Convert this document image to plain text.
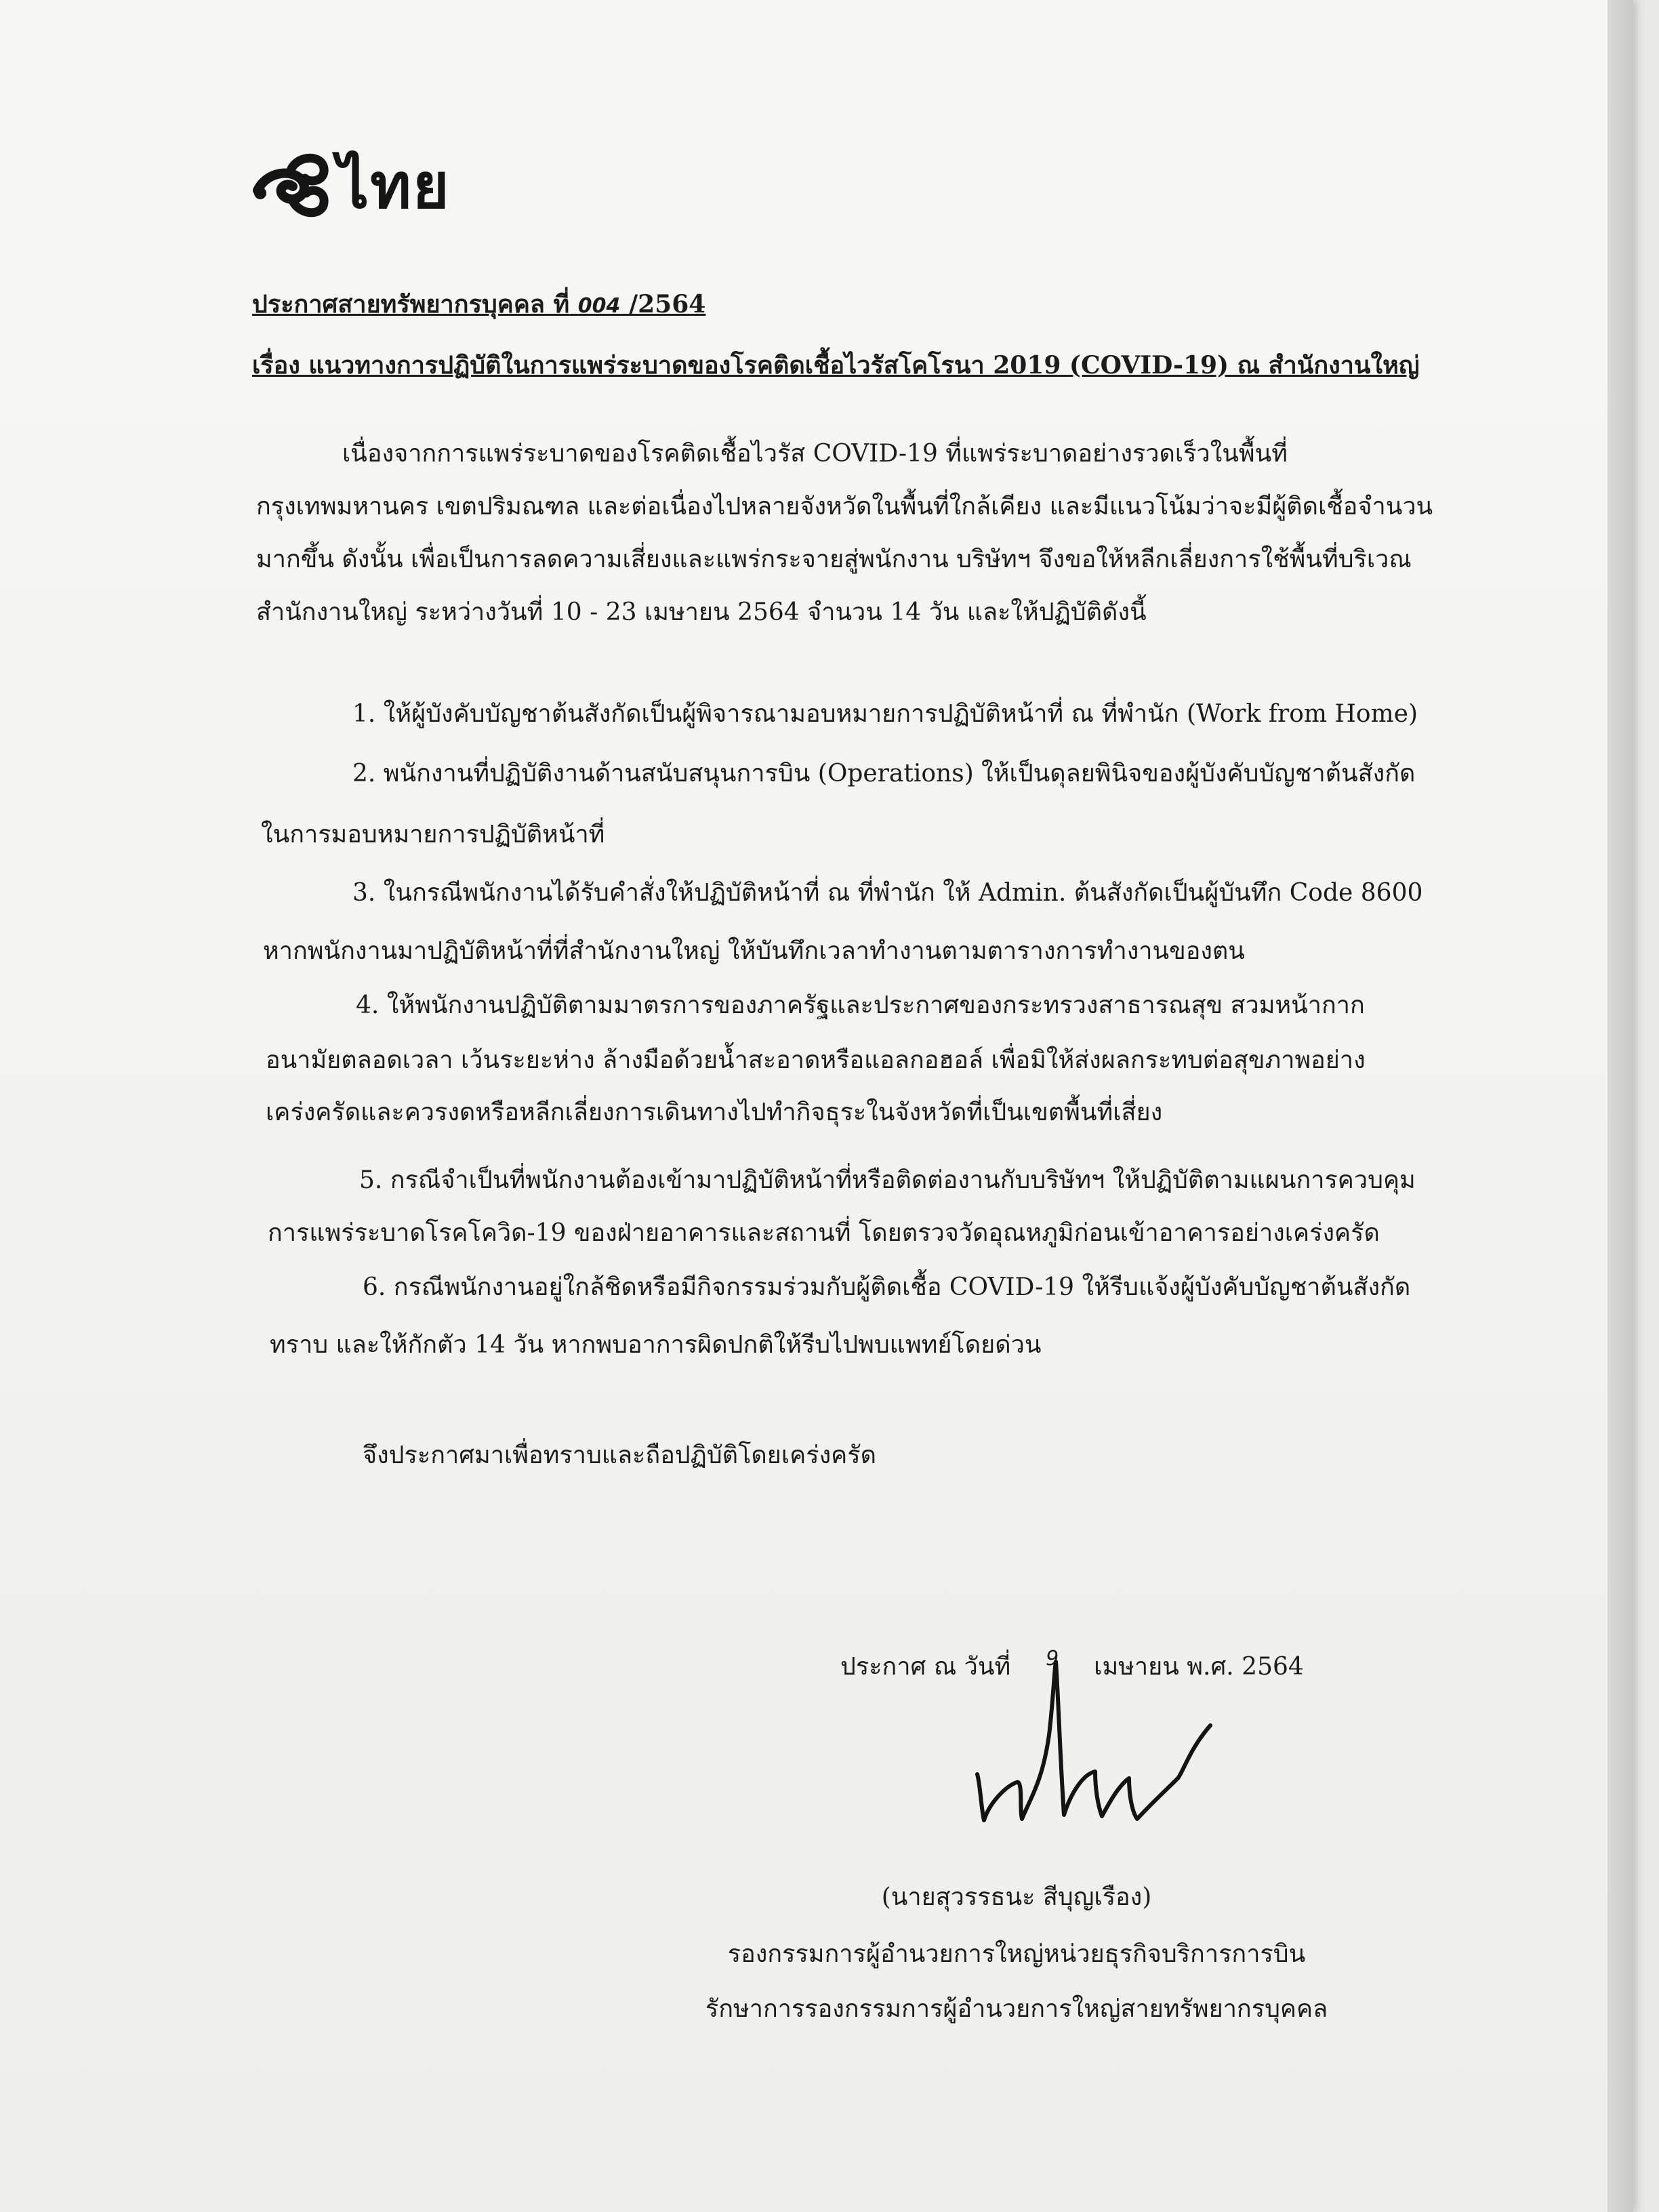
ไทย
ประกาศสายทรัพยากรบุคคล ที่ 004 /2564
เรื่อง แนวทางการปฏิบัติในการแพร่ระบาดของโรคติดเชื้อไวรัสโคโรนา 2019 (COVID-19) ณ สำนักงานใหญ่
เนื่องจากการแพร่ระบาดของโรคติดเชื้อไวรัส COVID-19 ที่แพร่ระบาดอย่างรวดเร็วในพื้นที่
กรุงเทพมหานคร เขตปริมณฑล และต่อเนื่องไปหลายจังหวัดในพื้นที่ใกล้เคียง และมีแนวโน้มว่าจะมีผู้ติดเชื้อจำนวน
มากขึ้น ดังนั้น เพื่อเป็นการลดความเสี่ยงและแพร่กระจายสู่พนักงาน บริษัทฯ จึงขอให้หลีกเลี่ยงการใช้พื้นที่บริเวณ
สำนักงานใหญ่ ระหว่างวันที่ 10 - 23 เมษายน 2564 จำนวน 14 วัน และให้ปฏิบัติดังนี้
1. ให้ผู้บังคับบัญชาต้นสังกัดเป็นผู้พิจารณามอบหมายการปฏิบัติหน้าที่ ณ ที่พำนัก (Work from Home)
2. พนักงานที่ปฏิบัติงานด้านสนับสนุนการบิน (Operations) ให้เป็นดุลยพินิจของผู้บังคับบัญชาต้นสังกัด
ในการมอบหมายการปฏิบัติหน้าที่
3. ในกรณีพนักงานได้รับคำสั่งให้ปฏิบัติหน้าที่ ณ ที่พำนัก ให้ Admin. ต้นสังกัดเป็นผู้บันทึก Code 8600
หากพนักงานมาปฏิบัติหน้าที่ที่สำนักงานใหญ่ ให้บันทึกเวลาทำงานตามตารางการทำงานของตน
4. ให้พนักงานปฏิบัติตามมาตรการของภาครัฐและประกาศของกระทรวงสาธารณสุข สวมหน้ากาก
อนามัยตลอดเวลา เว้นระยะห่าง ล้างมือด้วยน้ำสะอาดหรือแอลกอฮอล์ เพื่อมิให้ส่งผลกระทบต่อสุขภาพอย่าง
เคร่งครัดและควรงดหรือหลีกเลี่ยงการเดินทางไปทำกิจธุระในจังหวัดที่เป็นเขตพื้นที่เสี่ยง
5. กรณีจำเป็นที่พนักงานต้องเข้ามาปฏิบัติหน้าที่หรือติดต่องานกับบริษัทฯ ให้ปฏิบัติตามแผนการควบคุม
การแพร่ระบาดโรคโควิด-19 ของฝ่ายอาคารและสถานที่ โดยตรวจวัดอุณหภูมิก่อนเข้าอาคารอย่างเคร่งครัด
6. กรณีพนักงานอยู่ใกล้ชิดหรือมีกิจกรรมร่วมกับผู้ติดเชื้อ COVID-19 ให้รีบแจ้งผู้บังคับบัญชาต้นสังกัด
ทราบ และให้กักตัว 14 วัน หากพบอาการผิดปกติให้รีบไปพบแพทย์โดยด่วน
จึงประกาศมาเพื่อทราบและถือปฏิบัติโดยเคร่งครัด
ประกาศ ณ วันที่ 9 เมษายน พ.ศ. 2564
(นายสุวรรธนะ สีบุญเรือง)
รองกรรมการผู้อำนวยการใหญ่หน่วยธุรกิจบริการการบิน
รักษาการรองกรรมการผู้อำนวยการใหญ่สายทรัพยากรบุคคล
